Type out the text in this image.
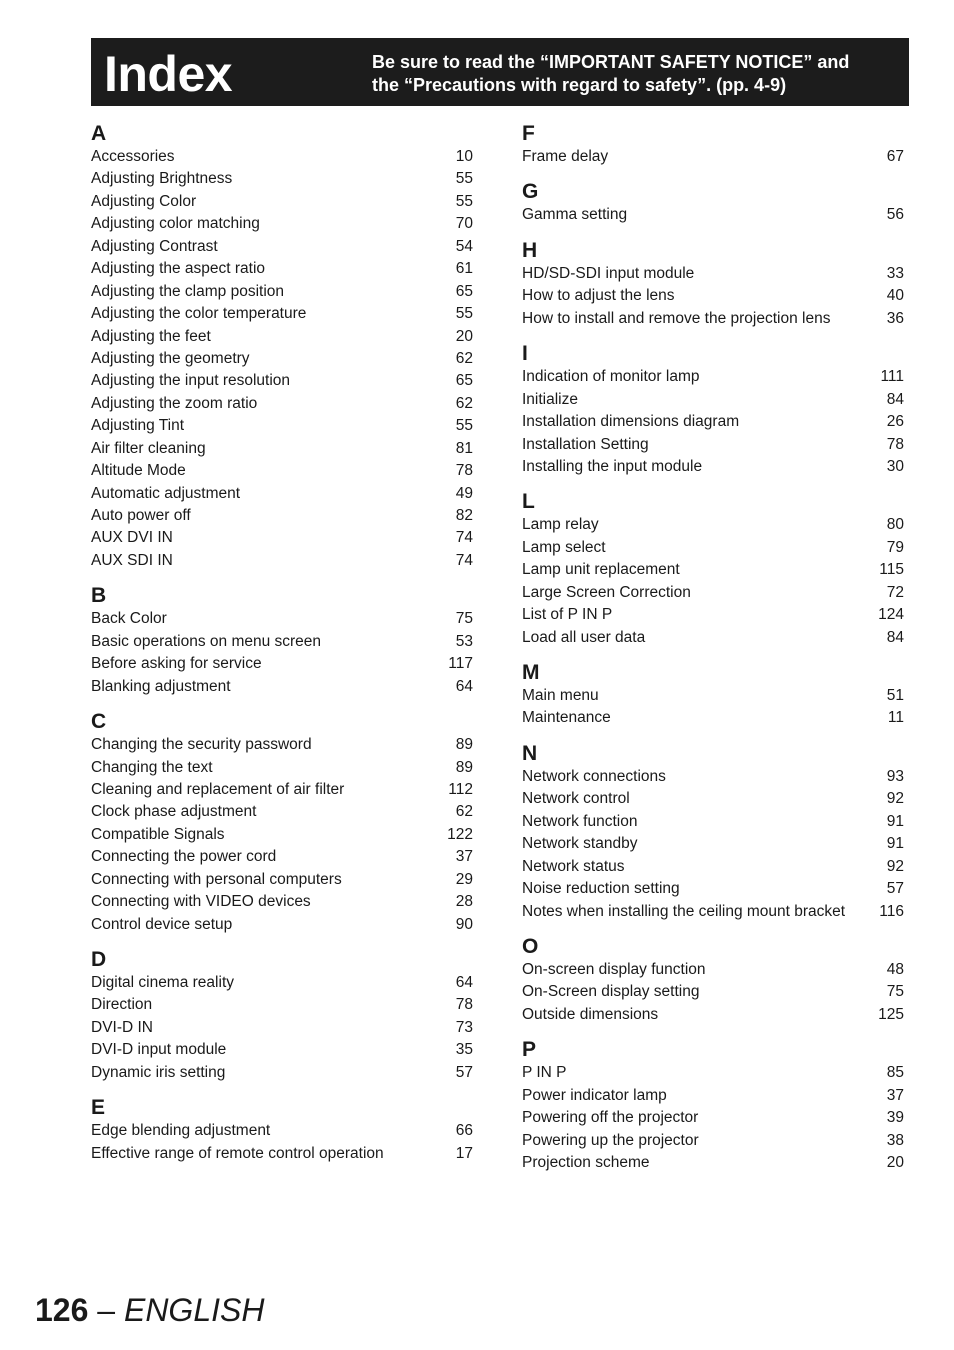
Index	Be sure to read the “IMPORTANT SAFETY NOTICE” and
the “Precautions with regard to safety”. (pp. 4-9)
A
Accessories	10
Adjusting Brightness	55
Adjusting Color	55
Adjusting color matching	70
Adjusting Contrast	54
Adjusting the aspect ratio	61
Adjusting the clamp position	65
Adjusting the color temperature	55
Adjusting the feet	20
Adjusting the geometry	62
Adjusting the input resolution	65
Adjusting the zoom ratio	62
Adjusting Tint	55
Air filter cleaning	81
Altitude Mode	78
Automatic adjustment	49
Auto power off	82
AUX DVI IN	74
AUX SDI IN	74
B
Back Color	75
Basic operations on menu screen	53
Before asking for service	117
Blanking adjustment	64
C
Changing the security password	89
Changing the text	89
Cleaning and replacement of air filter	112
Clock phase adjustment	62
Compatible Signals	122
Connecting the power cord	37
Connecting with personal computers	29
Connecting with VIDEO devices	28
Control device setup	90
D
Digital cinema reality	64
Direction	78
DVI-D IN	73
DVI-D input module	35
Dynamic iris setting	57
E
Edge blending adjustment	66
Effective range of remote control operation	17
F
Frame delay	67
G
Gamma setting	56
H
HD/SD-SDI input module	33
How to adjust the lens	40
How to install and remove the projection lens	36
I
Indication of monitor lamp	111
Initialize	84
Installation dimensions diagram	26
Installation Setting	78
Installing the input module	30
L
Lamp relay	80
Lamp select	79
Lamp unit replacement	115
Large Screen Correction	72
List of P IN P	124
Load all user data	84
M
Main menu	51
Maintenance	11
N
Network connections	93
Network control	92
Network function	91
Network standby	91
Network status	92
Noise reduction setting	57
Notes when installing the ceiling mount bracket 116
O
On-screen display function	48
On-Screen display setting	75
Outside dimensions	125
P
P IN P	85
Power indicator lamp	37
Powering off the projector	39
Powering up the projector	38
Projection scheme	20
126 – ENGLISH
